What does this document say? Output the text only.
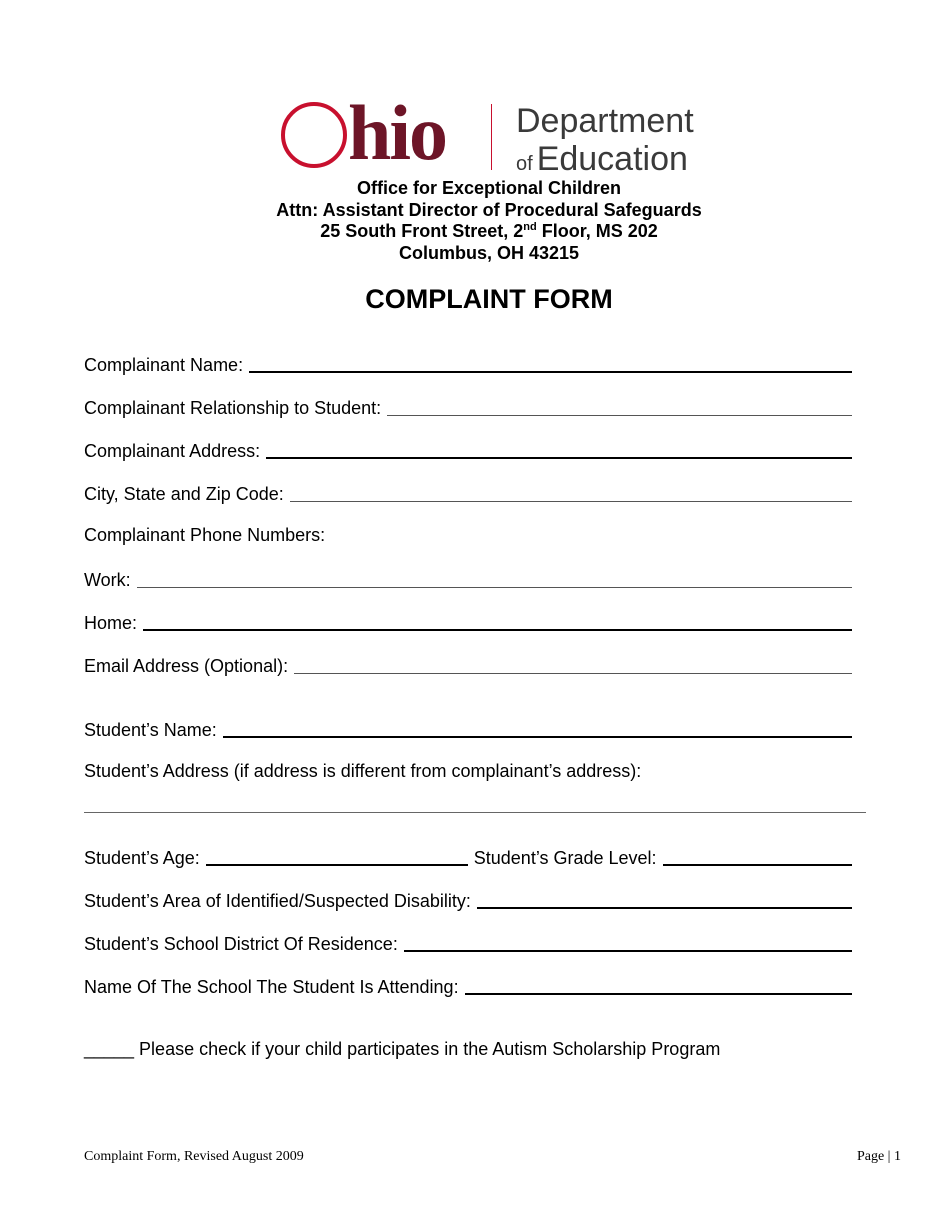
hio Department
of Education
Office for Exceptional Children
Attn: Assistant Director of Procedural Safeguards
25 South Front Street, 2nd Floor, MS 202
Columbus, OH 43215
COMPLAINT FORM
Complainant Name:
Complainant Relationship to Student:
Complainant Address:
City, State and Zip Code:
Complainant Phone Numbers:
Work:
Home:
Email Address (Optional):
Student’s Name:
Student’s Address (if address is different from complainant’s address):
Student’s Age:	Student’s Grade Level:
Student’s Area of Identified/Suspected Disability:
Student’s School District Of Residence:
Name Of The School The Student Is Attending:
_____ Please check if your child participates in the Autism Scholarship Program
Complaint Form, Revised August 2009	Page | 1
